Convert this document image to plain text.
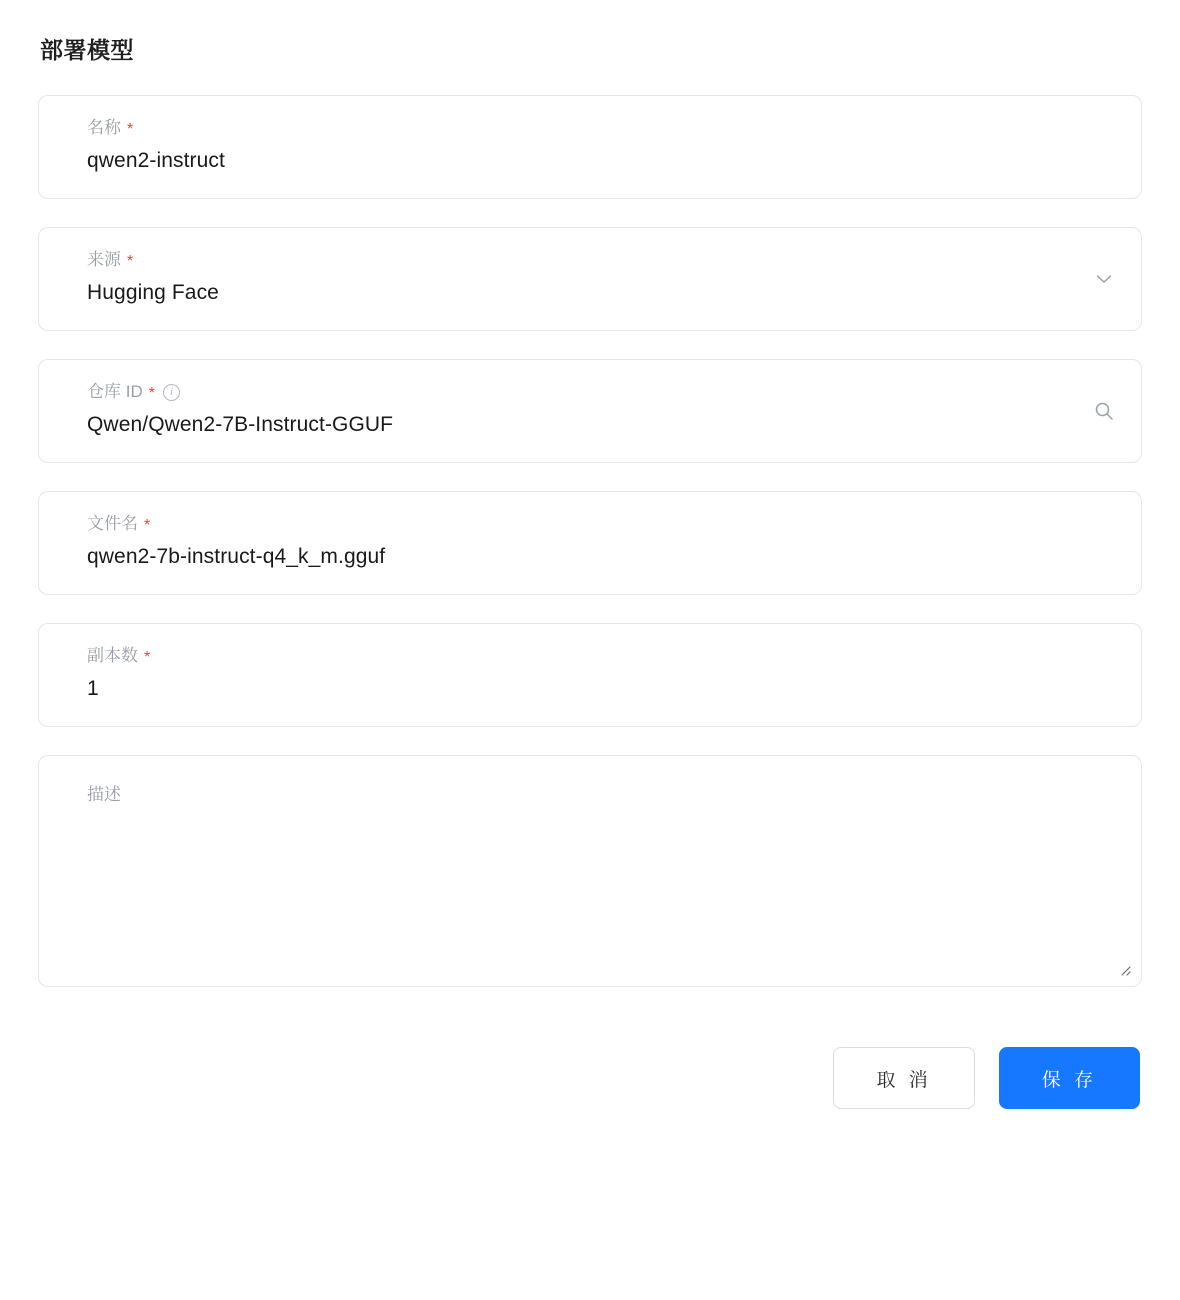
部署模型
名称 *
qwen2-instruct
来源 *
Hugging Face
仓库 ID *	i
Qwen/Qwen2-7B-Instruct-GGUF
文件名 *
qwen2-7b-instruct-q4_k_m.gguf
副本数 *
1
描述
取 消	保 存
